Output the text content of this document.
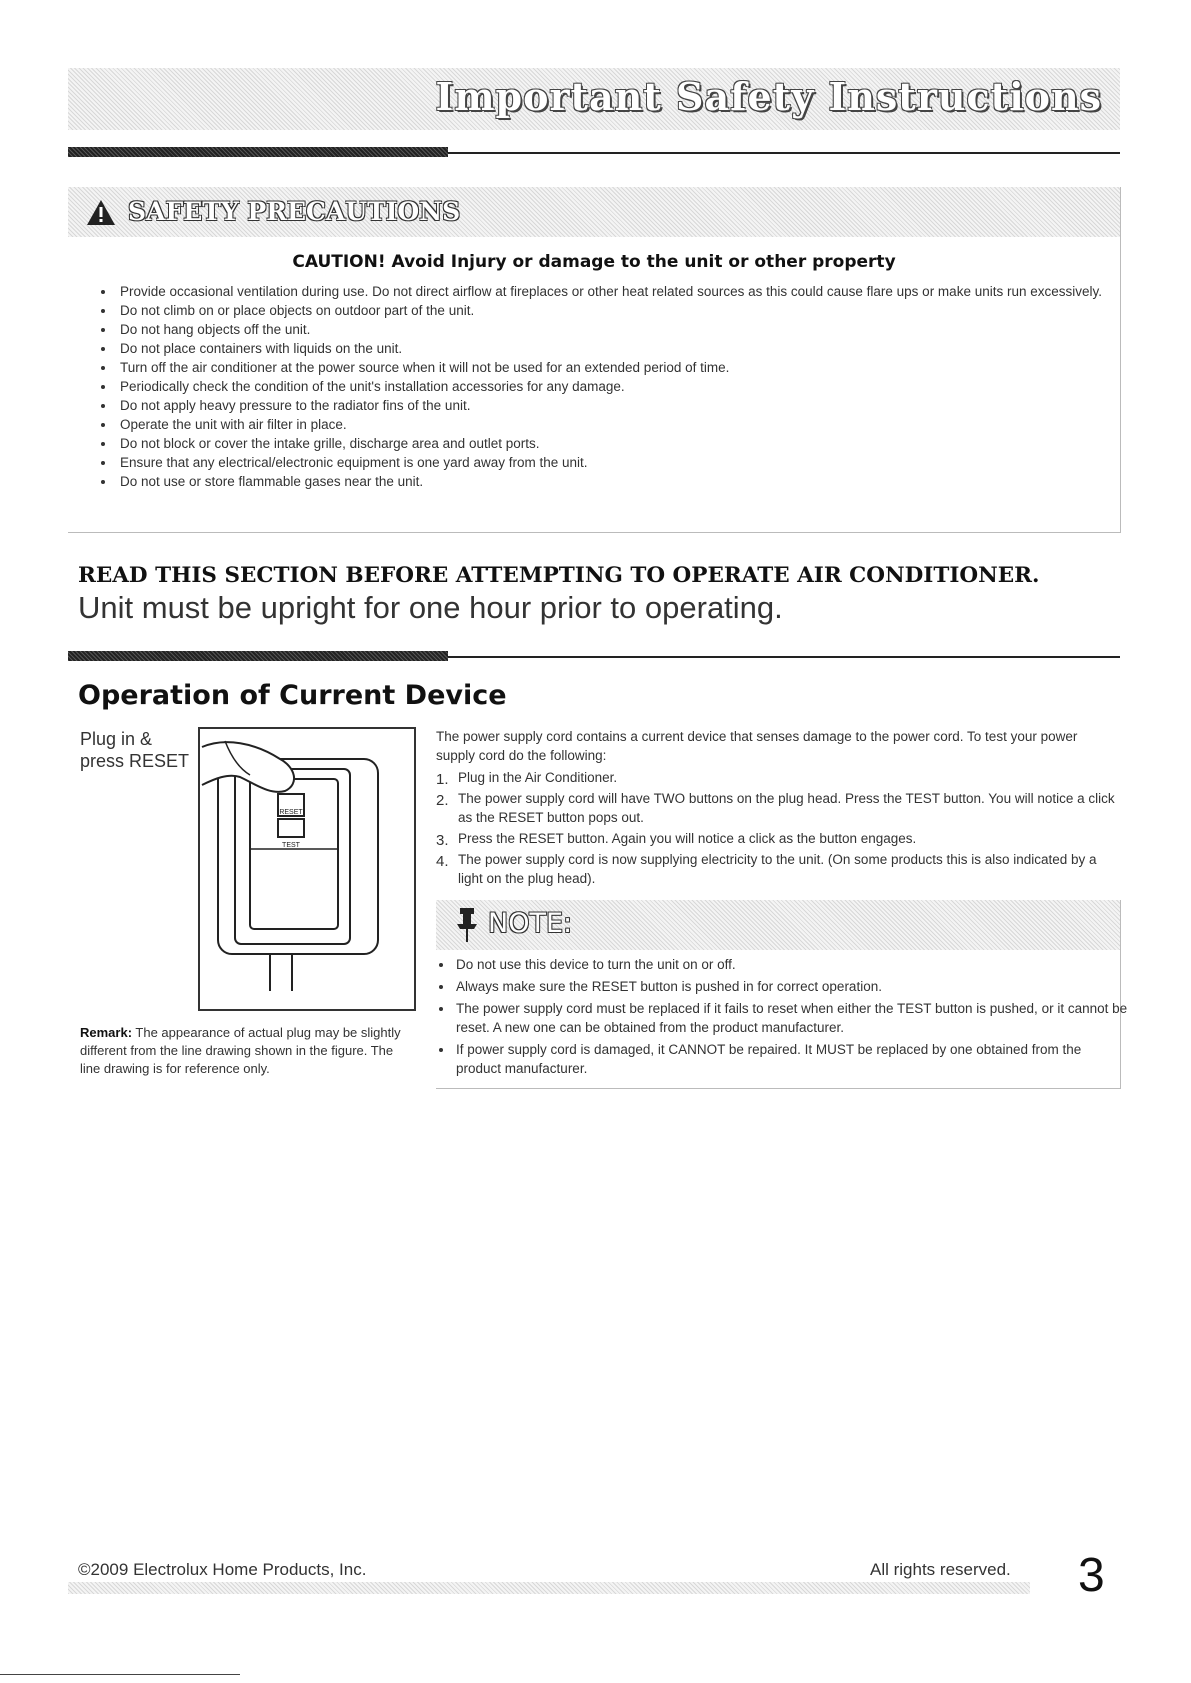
Important Safety Instructions
SAFETY PRECAUTIONS
CAUTION! Avoid Injury or damage to the unit or other property
• Provide occasional ventilation during use. Do not direct airflow at fireplaces or other heat related sources as this could cause flare ups or make units run excessively.
• Do not climb on or place objects on outdoor part of the unit.
• Do not hang objects off the unit.
• Do not place containers with liquids on the unit.
• Turn off the air conditioner at the power source when it will not be used for an extended period of time.
• Periodically check the condition of the unit's installation accessories for any damage.
• Do not apply heavy pressure to the radiator fins of the unit.
• Operate the unit with air filter in place.
• Do not block or cover the intake grille, discharge area and outlet ports.
• Ensure that any electrical/electronic equipment is one yard away from the unit.
• Do not use or store flammable gases near the unit.
READ THIS SECTION BEFORE ATTEMPTING TO OPERATE AIR CONDITIONER.

Unit must be upright for one hour prior to operating.

Operation of Current Device
Plug in & press RESET
RESET
TEST
Remark: The appearance of actual plug may be slightly different from the line drawing shown in the figure. The line drawing is for reference only.
The power supply cord contains a current device that senses damage to the power cord. To test your power supply cord do the following:
1. Plug in the Air Conditioner.
2. The power supply cord will have TWO buttons on the plug head. Press the TEST button. You will notice a click as the RESET button pops out.
3. Press the RESET button. Again you will notice a click as the button engages.
4. The power supply cord is now supplying electricity to the unit. (On some products this is also indicated by a light on the plug head).
NOTE:
• Do not use this device to turn the unit on or off.
• Always make sure the RESET button is pushed in for correct operation.
• The power supply cord must be replaced if it fails to reset when either the TEST button is pushed, or it cannot be reset. A new one can be obtained from the product manufacturer.
• If power supply cord is damaged, it CANNOT be repaired. It MUST be replaced by one obtained from the product manufacturer.
©2009 Electrolux Home Products, Inc.	All rights reserved. 3
